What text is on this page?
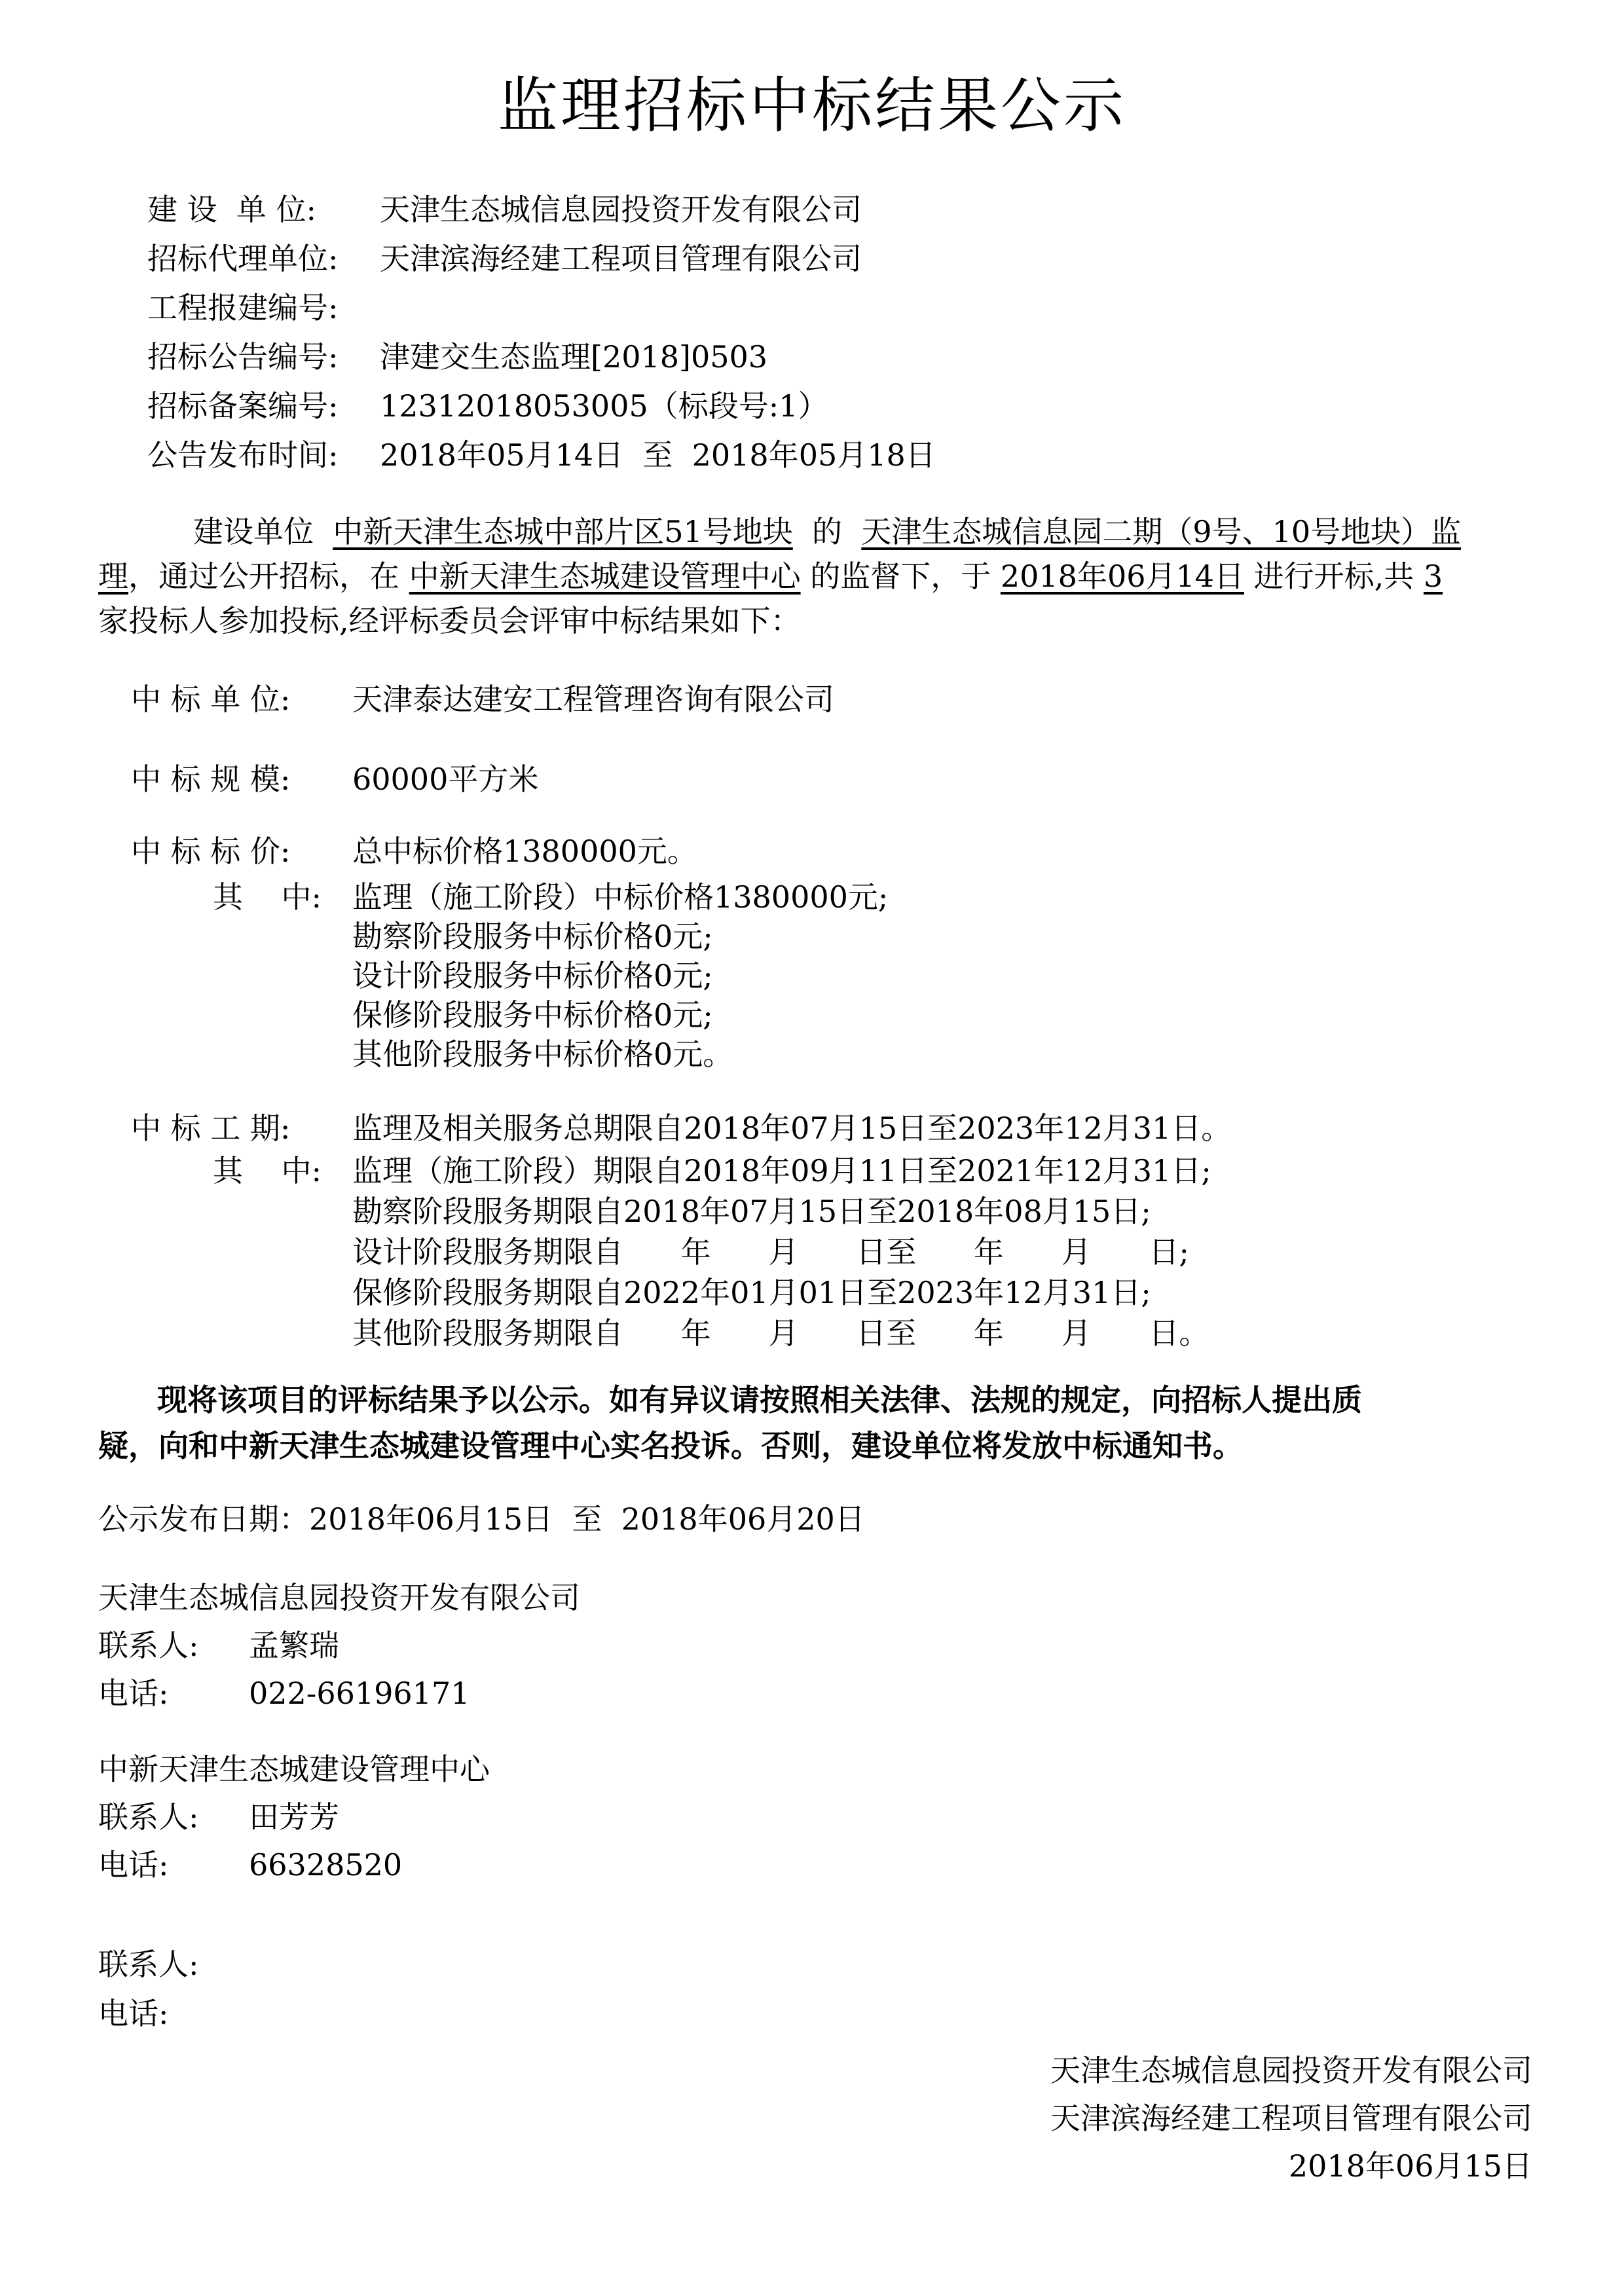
监理招标中标结果公示
建 设  单 位: 天津生态城信息园投资开发有限公司
招标代理单位: 天津滨海经建工程项目管理有限公司
工程报建编号:
招标公告编号: 津建交生态监理[2018]0503
招标备案编号: 12312018053005（标段号:1）
公告发布时间: 2018年05月14日  至  2018年05月18日
建设单位 中新天津生态城中部片区51号地块 的 天津生态城信息园二期（9号、10号地块）监
理，通过公开招标，在 中新天津生态城建设管理中心 的监督下，于 2018年06月14日 进行开标,共 3
家投标人参加投标,经评标委员会评审中标结果如下：
中 标 单 位: 天津泰达建安工程管理咨询有限公司
中 标 规 模: 60000平方米
中 标 标 价: 总中标价格1380000元。
其    中: 监理（施工阶段）中标价格1380000元;
勘察阶段服务中标价格0元;
设计阶段服务中标价格0元;
保修阶段服务中标价格0元;
其他阶段服务中标价格0元。
中 标 工 期: 监理及相关服务总期限自2018年07月15日至2023年12月31日。
其    中: 监理（施工阶段）期限自2018年09月11日至2021年12月31日;
勘察阶段服务期限自2018年07月15日至2018年08月15日;
设计阶段服务期限自      年      月      日至      年      月      日;
保修阶段服务期限自2022年01月01日至2023年12月31日;
其他阶段服务期限自      年      月      日至      年      月      日。
现将该项目的评标结果予以公示。如有异议请按照相关法律、法规的规定，向招标人提出质
疑，向和中新天津生态城建设管理中心实名投诉。否则，建设单位将发放中标通知书。
公示发布日期：2018年06月15日  至  2018年06月20日
天津生态城信息园投资开发有限公司
联系人: 孟繁瑞
电话:	022-66196171
中新天津生态城建设管理中心
联系人: 田芳芳
电话:	66328520
联系人:
电话:
天津生态城信息园投资开发有限公司
天津滨海经建工程项目管理有限公司
2018年06月15日
